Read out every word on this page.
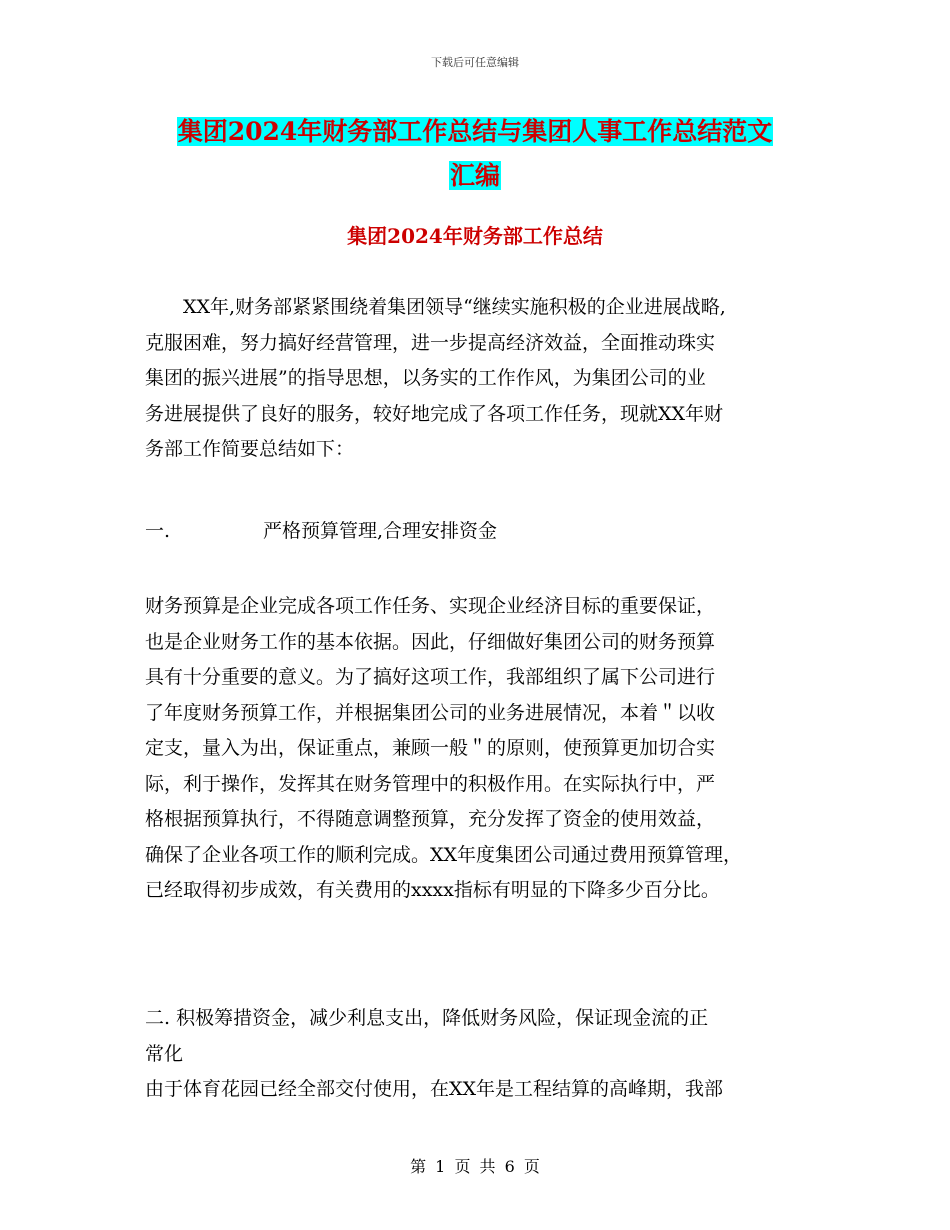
下载后可任意编辑
集团2024年财务部工作总结与集团人事工作总结范文
汇编
集团2024年财务部工作总结
XX年,财务部紧紧围绕着集团领导“继续实施积极的企业进展战略,
克服困难，努力搞好经营管理，进一步提高经济效益，全面推动珠实
集团的振兴进展”的指导思想，以务实的工作作风，为集团公司的业
务进展提供了良好的服务，较好地完成了各项工作任务，现就XX年财
务部工作简要总结如下：
一.	严格预算管理,合理安排资金
财务预算是企业完成各项工作任务、实现企业经济目标的重要保证，
也是企业财务工作的基本依据。因此，仔细做好集团公司的财务预算
具有十分重要的意义。为了搞好这项工作，我部组织了属下公司进行
了年度财务预算工作，并根据集团公司的业务进展情况，本着＂以收
定支，量入为出，保证重点，兼顾一般＂的原则，使预算更加切合实
际，利于操作，发挥其在财务管理中的积极作用。在实际执行中，严
格根据预算执行，不得随意调整预算，充分发挥了资金的使用效益，
确保了企业各项工作的顺利完成。XX年度集团公司通过费用预算管理，
已经取得初步成效，有关费用的xxxx指标有明显的下降多少百分比。
二. 积极筹措资金，减少利息支出，降低财务风险，保证现金流的正
常化
由于体育花园已经全部交付使用，在XX年是工程结算的高峰期，我部
第 1 页 共 6 页
